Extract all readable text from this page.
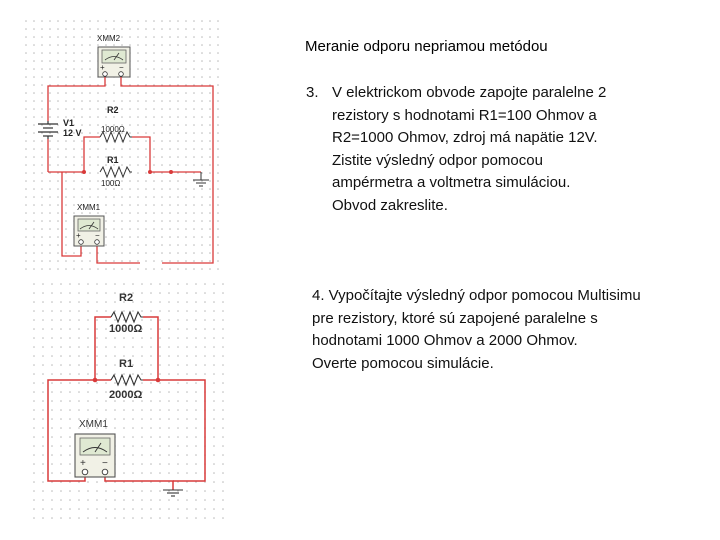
XMM2
+ −
V1
12 V
R2
1000Ω
R1
100Ω
XMM1
+ −
R2
1000Ω
R1
2000Ω
XMM1
+ −
Meranie odporu nepriamou metódou
3. V elektrickom obvode zapojte paralelne 2
rezistory s hodnotami R1=100 Ohmov a
R2=1000 Ohmov, zdroj má napätie 12V.
Zistite výsledný odpor pomocou
ampérmetra a voltmetra simuláciou.
Obvod zakreslite.

4. Vypočítajte výsledný odpor pomocou Multisimu

pre rezistory, ktoré sú zapojené paralelne s

hodnotami 1000 Ohmov a 2000 Ohmov.

Overte pomocou simulácie.
